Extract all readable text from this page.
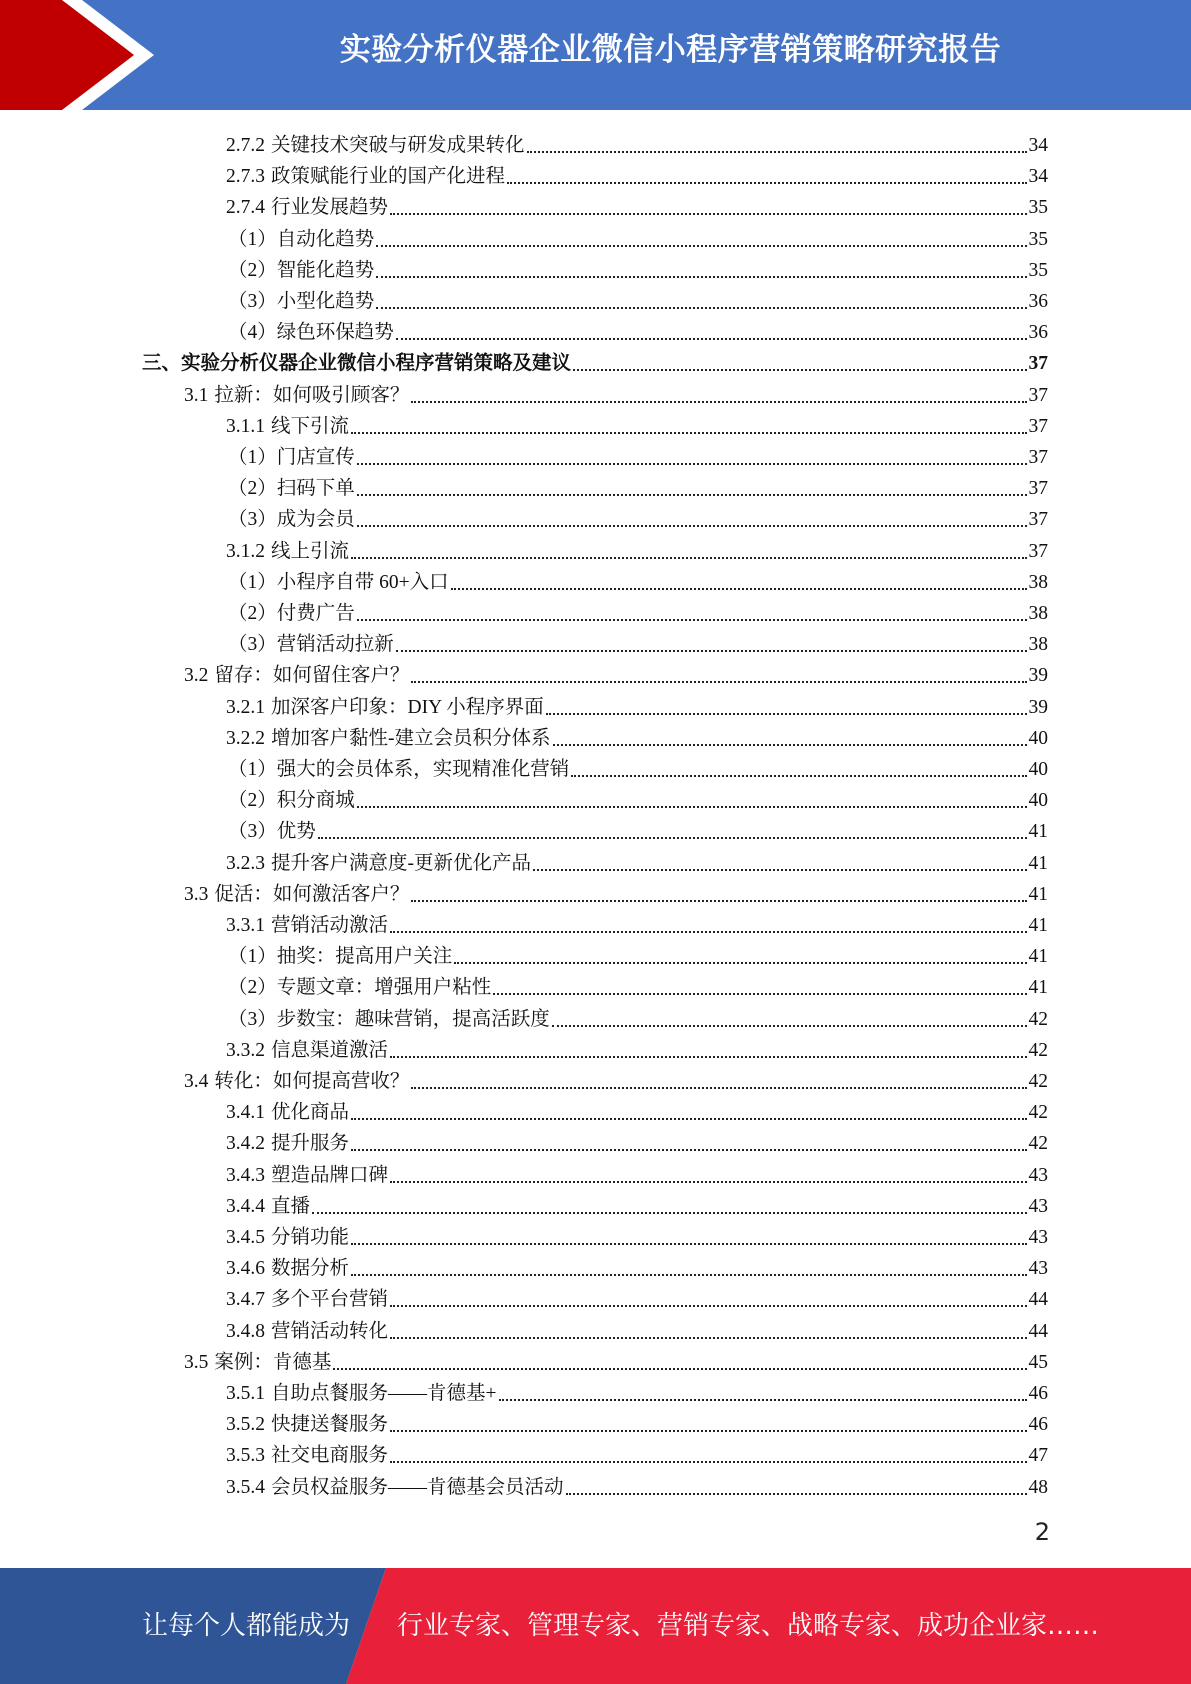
实验分析仪器企业微信小程序营销策略研究报告
2.7.2 关键技术突破与研发成果转化	34
2.7.3 政策赋能行业的国产化进程	34
2.7.4 行业发展趋势	35
（1） 自动化趋势	35
（2） 智能化趋势	35
（3） 小型化趋势	36
（4） 绿色环保趋势	36
三、 实验分析仪器企业微信小程序营销策略及建议	37
3.1 拉新：如何吸引顾客？	37
3.1.1 线下引流	37
（1） 门店宣传	37
（2） 扫码下单	37
（3） 成为会员	37
3.1.2 线上引流	37
（1） 小程序自带 60+入口	38
（2） 付费广告	38
（3） 营销活动拉新	38
3.2 留存：如何留住客户？	39
3.2.1 加深客户印象：DIY 小程序界面	39
3.2.2 增加客户黏性-建立会员积分体系	40
（1） 强大的会员体系，实现精准化营销	40
（2） 积分商城	40
（3） 优势	41
3.2.3 提升客户满意度-更新优化产品	41
3.3 促活：如何激活客户？	41
3.3.1 营销活动激活	41
（1） 抽奖：提高用户关注	41
（2） 专题文章：增强用户粘性	41
（3） 步数宝：趣味营销，提高活跃度	42
3.3.2 信息渠道激活	42
3.4 转化：如何提高营收？	42
3.4.1 优化商品	42
3.4.2 提升服务	42
3.4.3 塑造品牌口碑	43
3.4.4 直播	43
3.4.5 分销功能	43
3.4.6 数据分析	43
3.4.7 多个平台营销	44
3.4.8 营销活动转化	44
3.5 案例：肯德基	45
3.5.1 自助点餐服务——肯德基+	46
3.5.2 快捷送餐服务	46
3.5.3 社交电商服务	47
3.5.4 会员权益服务——肯德基会员活动	48
2
让每个人都能成为 行业专家、管理专家、营销专家、战略专家、成功企业家……
